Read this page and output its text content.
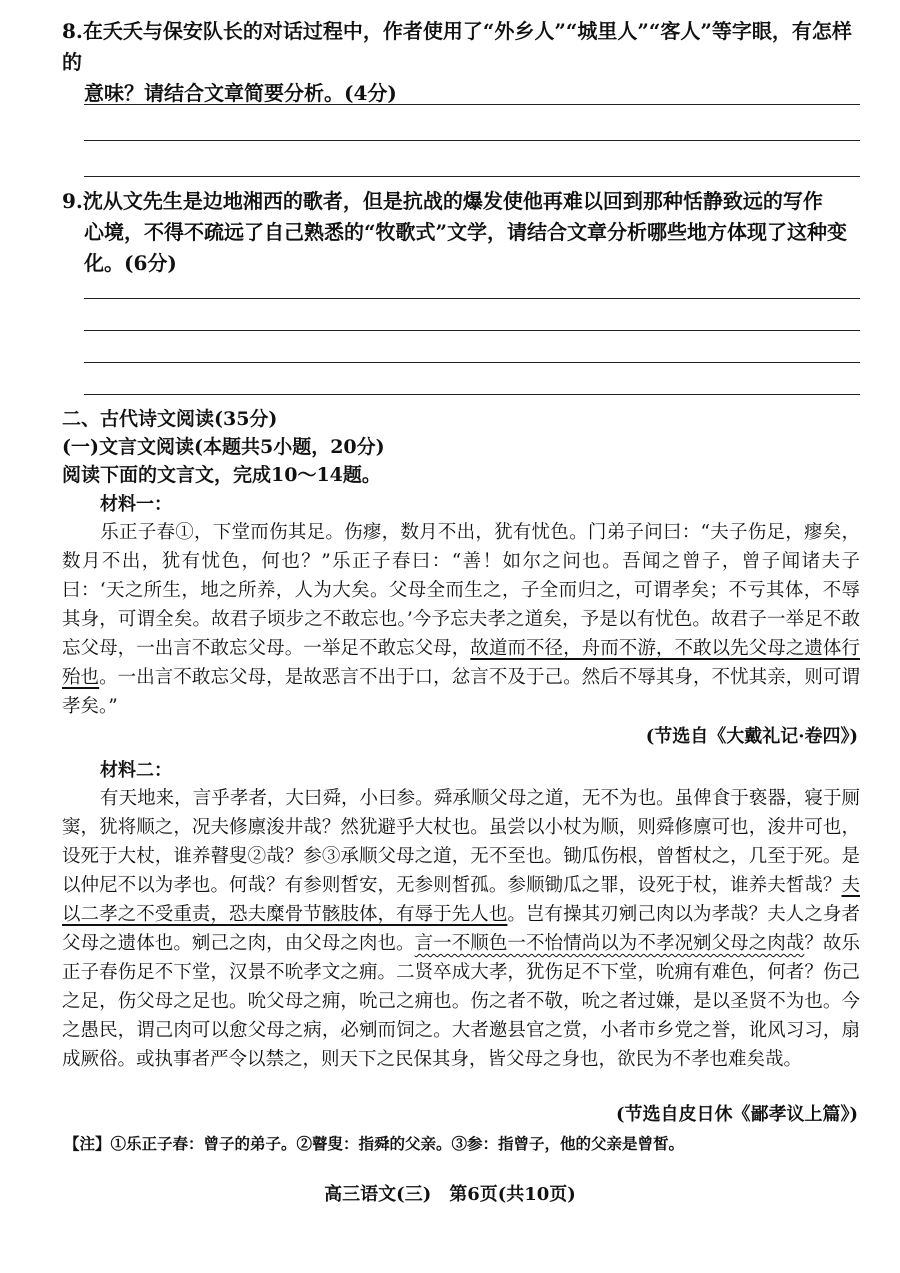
8.在夭夭与保安队长的对话过程中，作者使用了“外乡人”“城里人”“客人”等字眼，有怎样的
意味？请结合文章简要分析。(4分)
9.沈从文先生是边地湘西的歌者，但是抗战的爆发使他再难以回到那种恬静致远的写作
心境，不得不疏远了自己熟悉的“牧歌式”文学，请结合文章分析哪些地方体现了这种变
化。(6分)
二、古代诗文阅读(35分)
(一)文言文阅读(本题共5小题，20分)
阅读下面的文言文，完成10～14题。
材料一：

乐正子春①，下堂而伤其足。伤瘳，数月不出，犹有忧色。门弟子问曰：“夫子伤足，瘳矣，数月不出，犹有忧色，何也？”乐正子春曰：“善！如尔之问也。吾闻之曾子，曾子闻诸夫子曰：‘天之所生，地之所养，人为大矣。父母全而生之，子全而归之，可谓孝矣；不亏其体，不辱其身，可谓全矣。故君子顷步之不敢忘也。’今予忘夫孝之道矣，予是以有忧色。故君子一举足不敢忘父母，一出言不敢忘父母。一举足不敢忘父母，故道而不径，舟而不游，不敢以先父母之遗体行殆也。一出言不敢忘父母，是故恶言不出于口，忿言不及于己。然后不辱其身，不忧其亲，则可谓孝矣。”

(节选自《大戴礼记·卷四》)
材料二：

有天地来，言乎孝者，大曰舜，小曰参。舜承顺父母之道，无不为也。虽俾食于亵器，寝于厕窦，犹将顺之，况夫修廪浚井哉？然犹避乎大杖也。虽尝以小杖为顺，则舜修廪可也，浚井可也，设死于大杖，谁养瞽叟②哉？参③承顺父母之道，无不至也。锄瓜伤根，曾皙杖之，几至于死。是以仲尼不以为孝也。何哉？有参则皙安，无参则皙孤。参顺锄瓜之罪，设死于杖，谁养夫皙哉？夫以二孝之不受重责，恐夫糜骨节骸肢体，有辱于先人也。岂有操其刃剜己肉以为孝哉？夫人之身者父母之遗体也。剜己之肉，由父母之肉也。言一不顺色一不怡情尚以为不孝况剜父母之肉哉？故乐正子春伤足不下堂，汉景不吮孝文之痈。二贤卒成大孝，犹伤足不下堂，吮痈有难色，何者？伤己之足，伤父母之足也。吮父母之痈，吮己之痈也。伤之者不敬，吮之者过嫌，是以圣贤不为也。今之愚民，谓己肉可以愈父母之病，必剜而饲之。大者邀县官之赏，小者市乡党之誉，讹风习习，扇成厥俗。或执事者严令以禁之，则天下之民保其身，皆父母之身也，欲民为不孝也难矣哉。

(节选自皮日休《鄙孝议上篇》)
【注】①乐正子春：曾子的弟子。②瞽叟：指舜的父亲。③参：指曾子，他的父亲是曾皙。
高三语文(三)　第6页(共10页)
